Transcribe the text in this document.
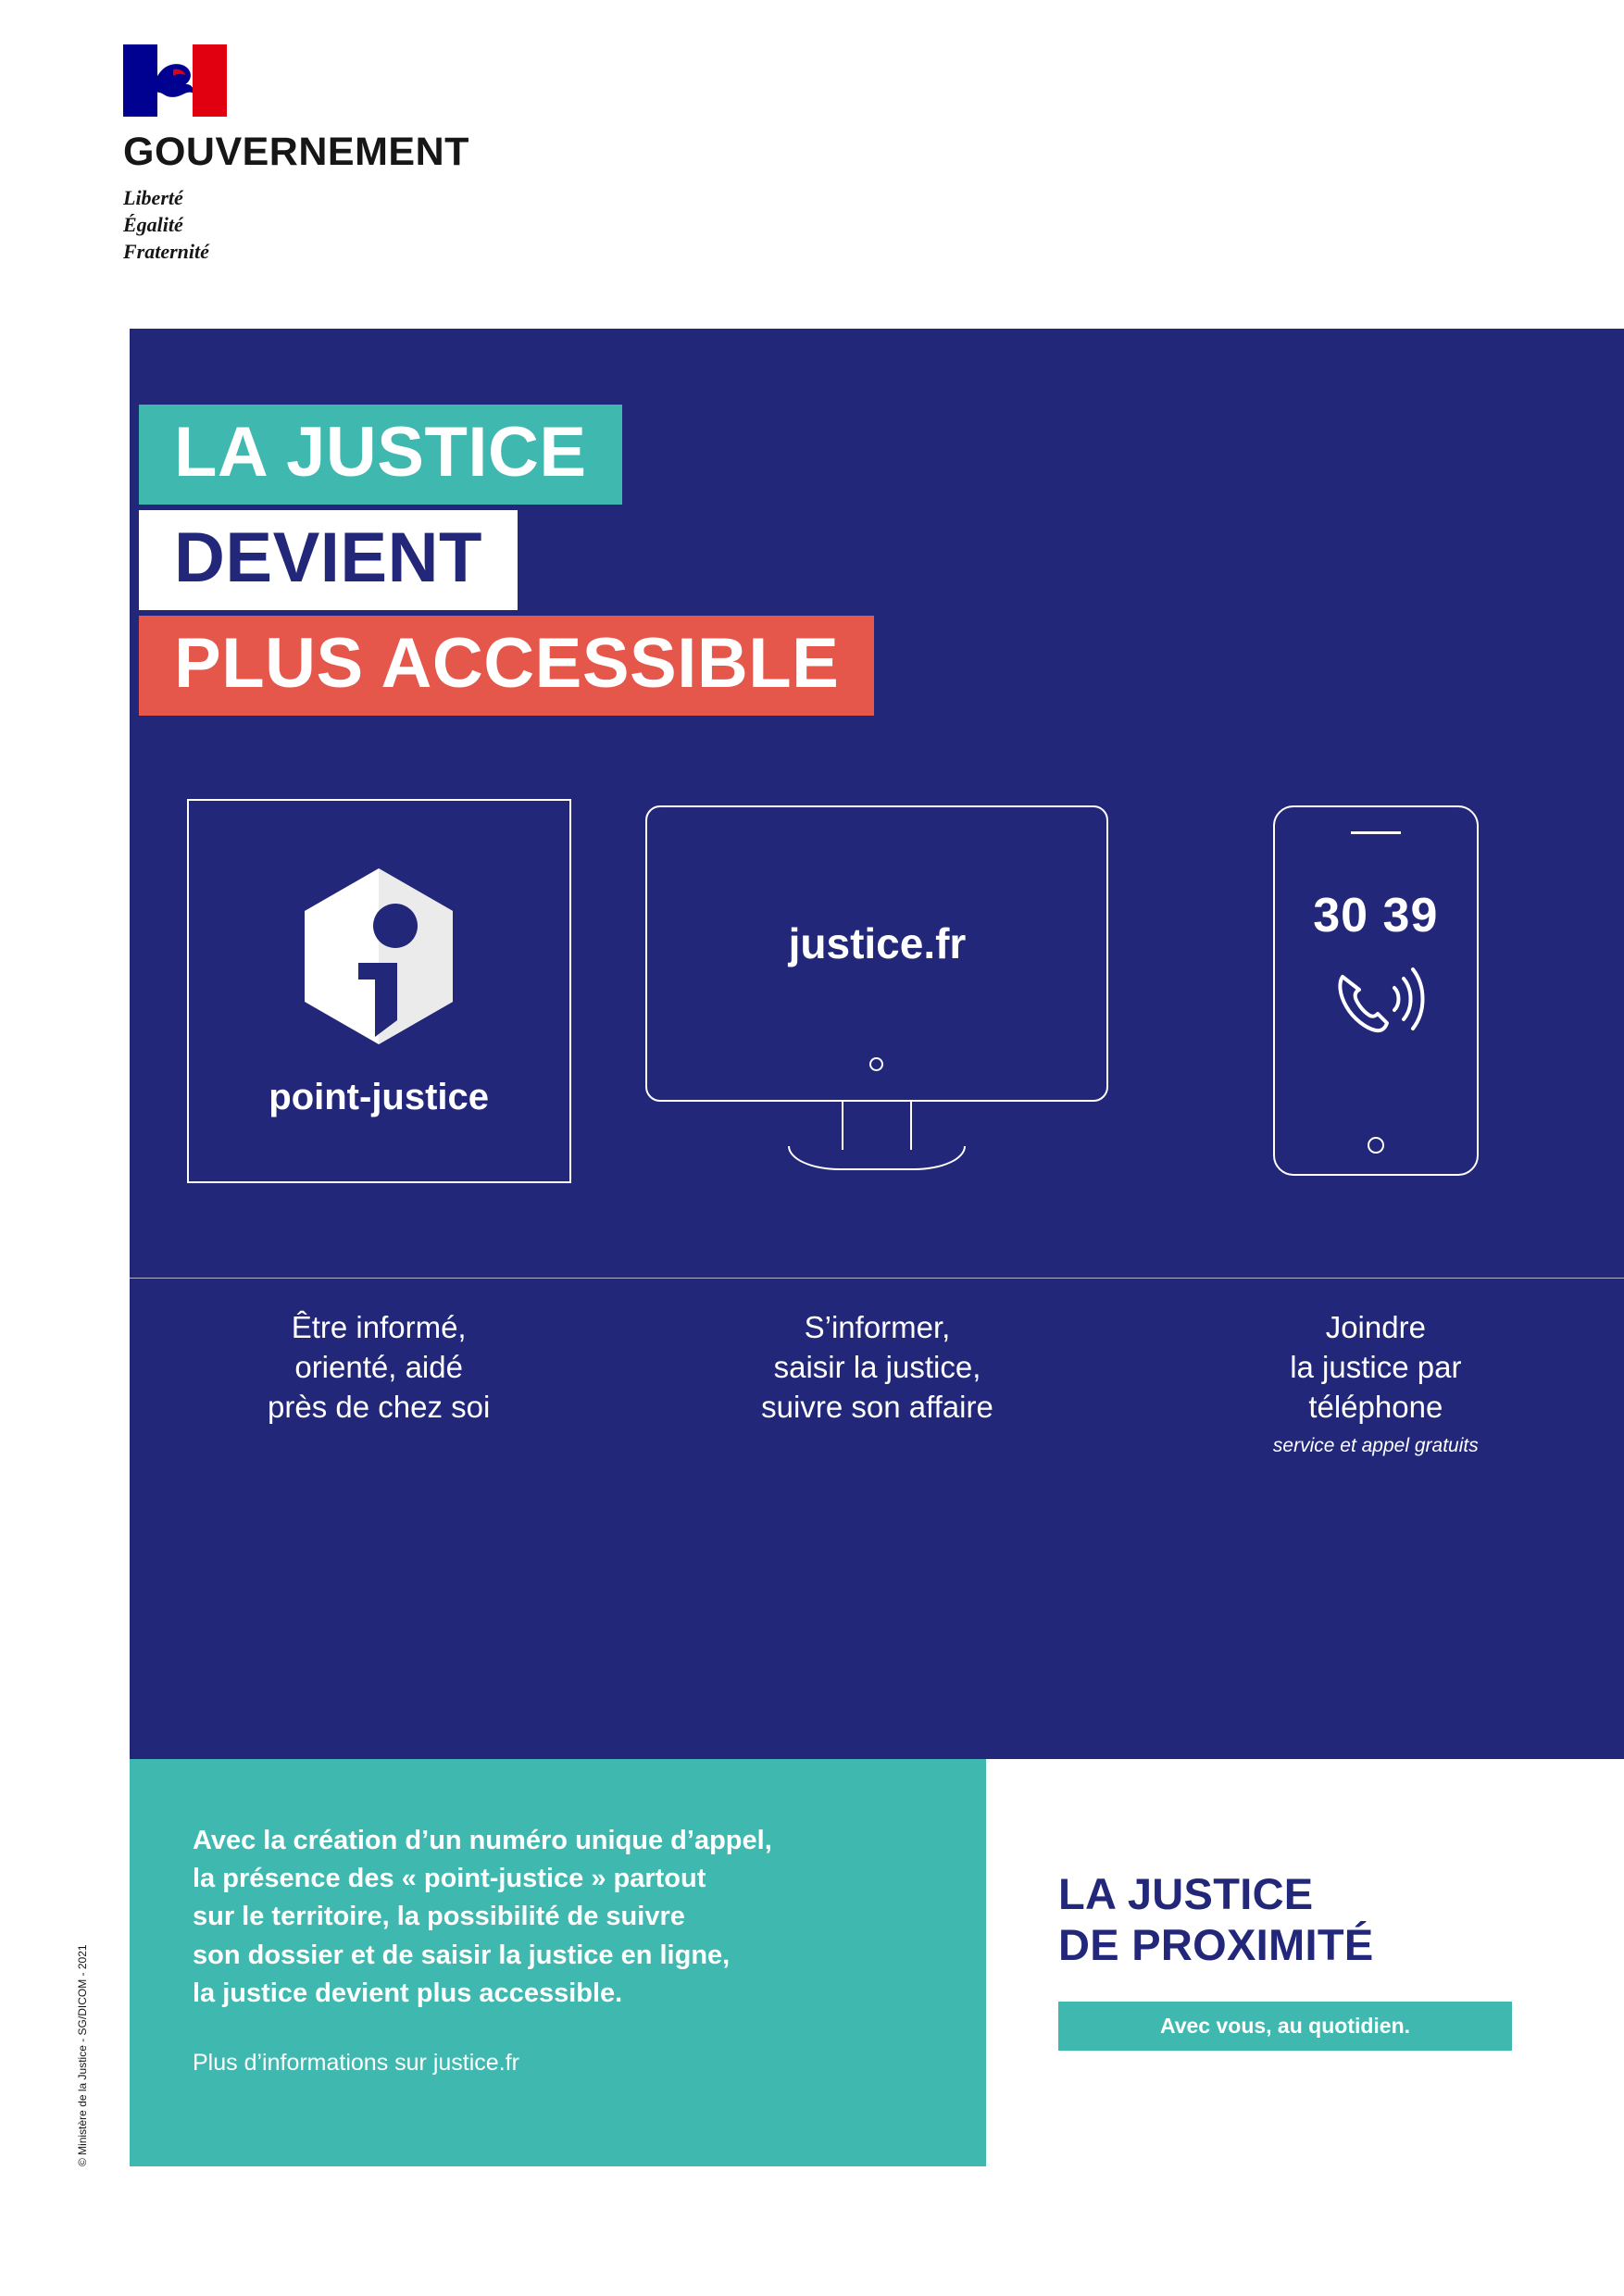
GOUVERNEMENT
Liberté
Égalité
Fraternité
© Ministère de la Justice - SG/DICOM - 2021
LA JUSTICE
DEVIENT
PLUS ACCESSIBLE
point-justice
Être informé,
orienté, aidé
près de chez soi
justice.fr
S’informer,
saisir la justice,
suivre son affaire
30 39
Joindre
la justice par
téléphone
service et appel gratuits
Avec la création d’un numéro unique d’appel,
la présence des « point-justice » partout
sur le territoire, la possibilité de suivre
son dossier et de saisir la justice en ligne,
la justice devient plus accessible.
Plus d’informations sur justice.fr
LA JUSTICE
DE PROXIMITÉ
Avec vous, au quotidien.
